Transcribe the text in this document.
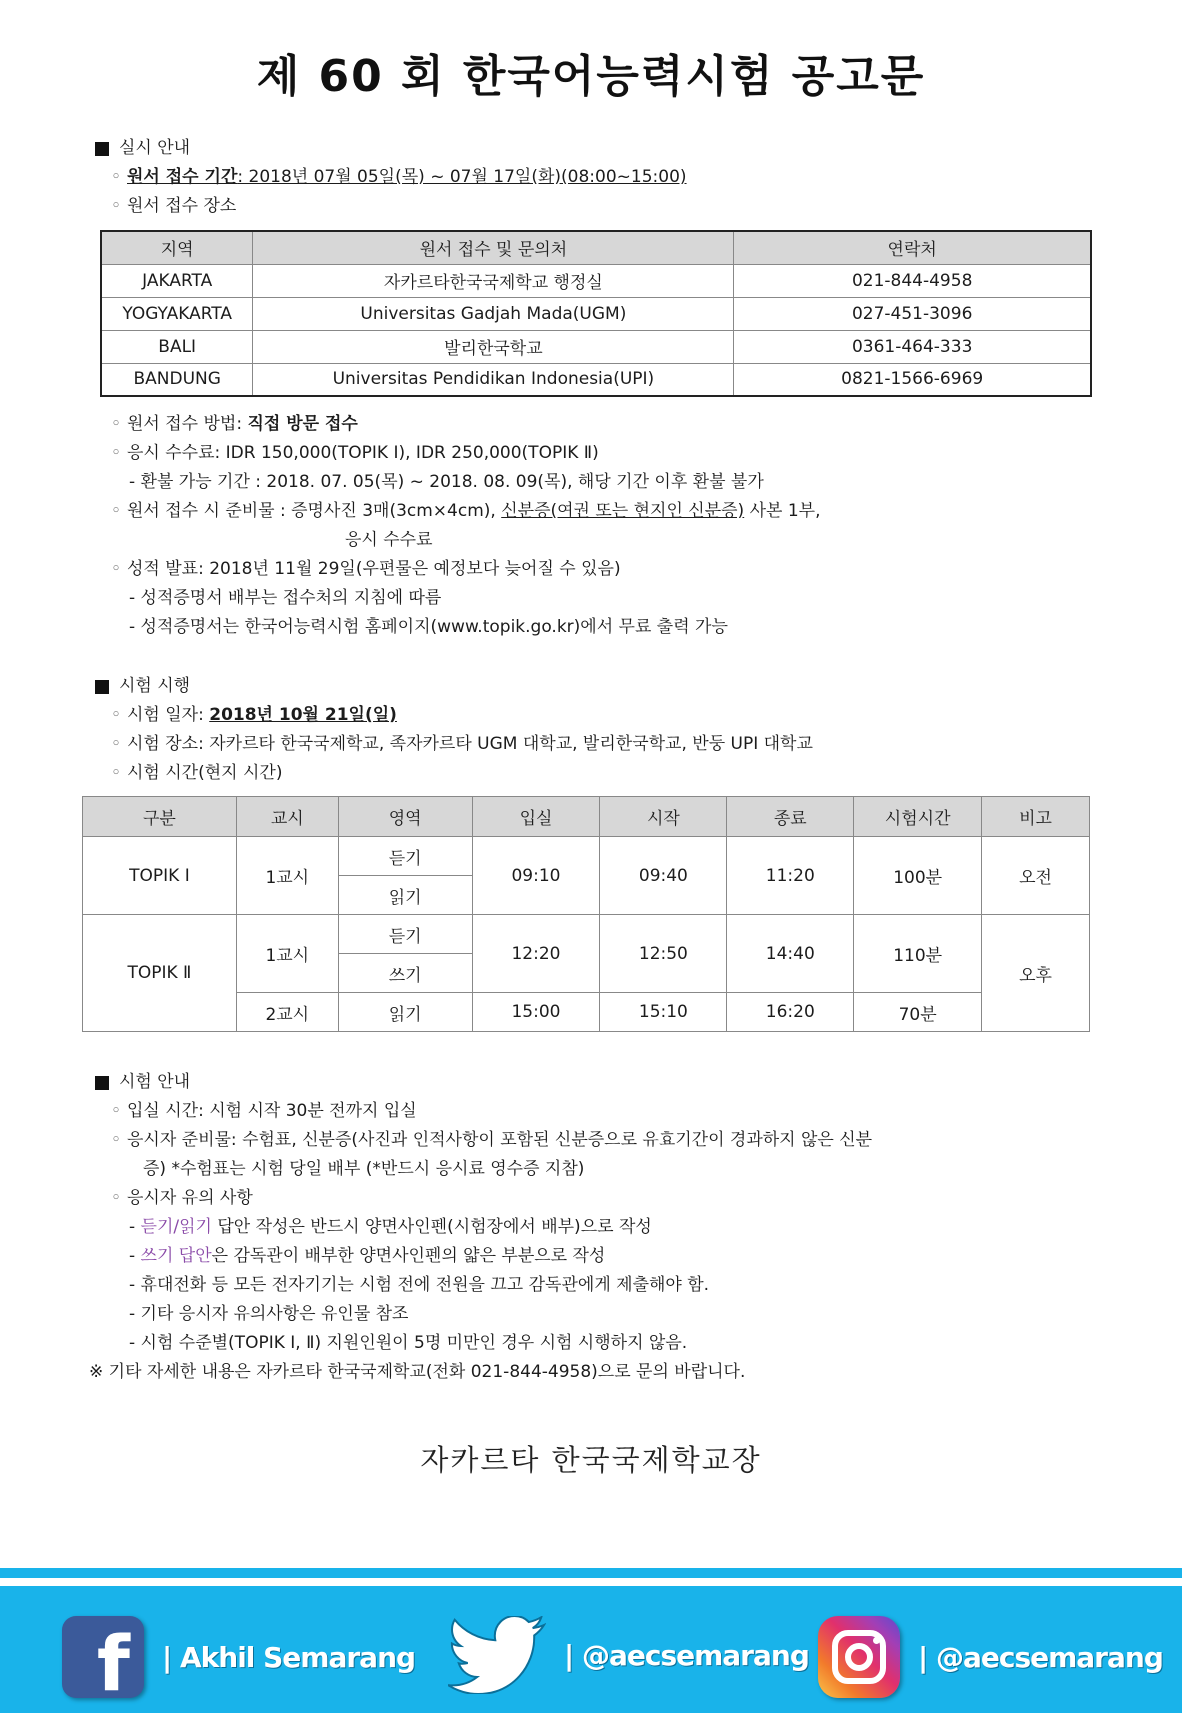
제 60 회 한국어능력시험 공고문
실시 안내
◦ 원서 접수 기간: 2018년 07월 05일(목) ~ 07월 17일(화)(08:00~15:00)
◦ 원서 접수 장소
지역	원서 접수 및 문의처	연락처
JAKARTA	자카르타한국국제학교 행정실	021-844-4958
YOGYAKARTA	Universitas Gadjah Mada(UGM)	027-451-3096
BALI	발리한국학교	0361-464-333
BANDUNG	Universitas Pendidikan Indonesia(UPI)	0821-1566-6969
◦ 원서 접수 방법: 직접 방문 접수
◦ 응시 수수료: IDR 150,000(TOPIK Ⅰ), IDR 250,000(TOPIK Ⅱ)
- 환불 가능 기간 : 2018. 07. 05(목) ~ 2018. 08. 09(목), 해당 기간 이후 환불 불가
◦ 원서 접수 시 준비물 : 증명사진 3매(3cm×4cm), 신분증(여권 또는 현지인 신분증) 사본 1부,
응시 수수료
◦ 성적 발표: 2018년 11월 29일(우편물은 예정보다 늦어질 수 있음)
- 성적증명서 배부는 접수처의 지침에 따름
- 성적증명서는 한국어능력시험 홈페이지(www.topik.go.kr)에서 무료 출력 가능
시험 시행
◦ 시험 일자: 2018년 10월 21일(일)
◦ 시험 장소: 자카르타 한국국제학교, 족자카르타 UGM 대학교, 발리한국학교, 반둥 UPI 대학교
◦ 시험 시간(현지 시간)
구분	교시	영역	입실	시작	종료	시험시간	비고
TOPIK Ⅰ	1교시	듣기	09:10	09:40	11:20	100분	오전
		읽기					
TOPIK Ⅱ	1교시	듣기	12:20	12:50	14:40	110분	오후
		쓰기					
	2교시	읽기	15:00	15:10	16:20	70분	
시험 안내
◦ 입실 시간: 시험 시작 30분 전까지 입실
◦ 응시자 준비물: 수험표, 신분증(사진과 인적사항이 포함된 신분증으로 유효기간이 경과하지 않은 신분
증) *수험표는 시험 당일 배부 (*반드시 응시료 영수증 지참)
◦ 응시자 유의 사항
- 듣기/읽기 답안 작성은 반드시 양면사인펜(시험장에서 배부)으로 작성
- 쓰기 답안은 감독관이 배부한 양면사인펜의 얇은 부분으로 작성
- 휴대전화 등 모든 전자기기는 시험 전에 전원을 끄고 감독관에게 제출해야 함.
- 기타 응시자 유의사항은 유인물 참조
- 시험 수준별(TOPIK Ⅰ, Ⅱ) 지원인원이 5명 미만인 경우 시험 시행하지 않음.
※ 기타 자세한 내용은 자카르타 한국국제학교(전화 021-844-4958)으로 문의 바랍니다.
자카르타 한국국제학교장
f | Akhil Semarang	| @aecsemarang	| @aecsemarang
